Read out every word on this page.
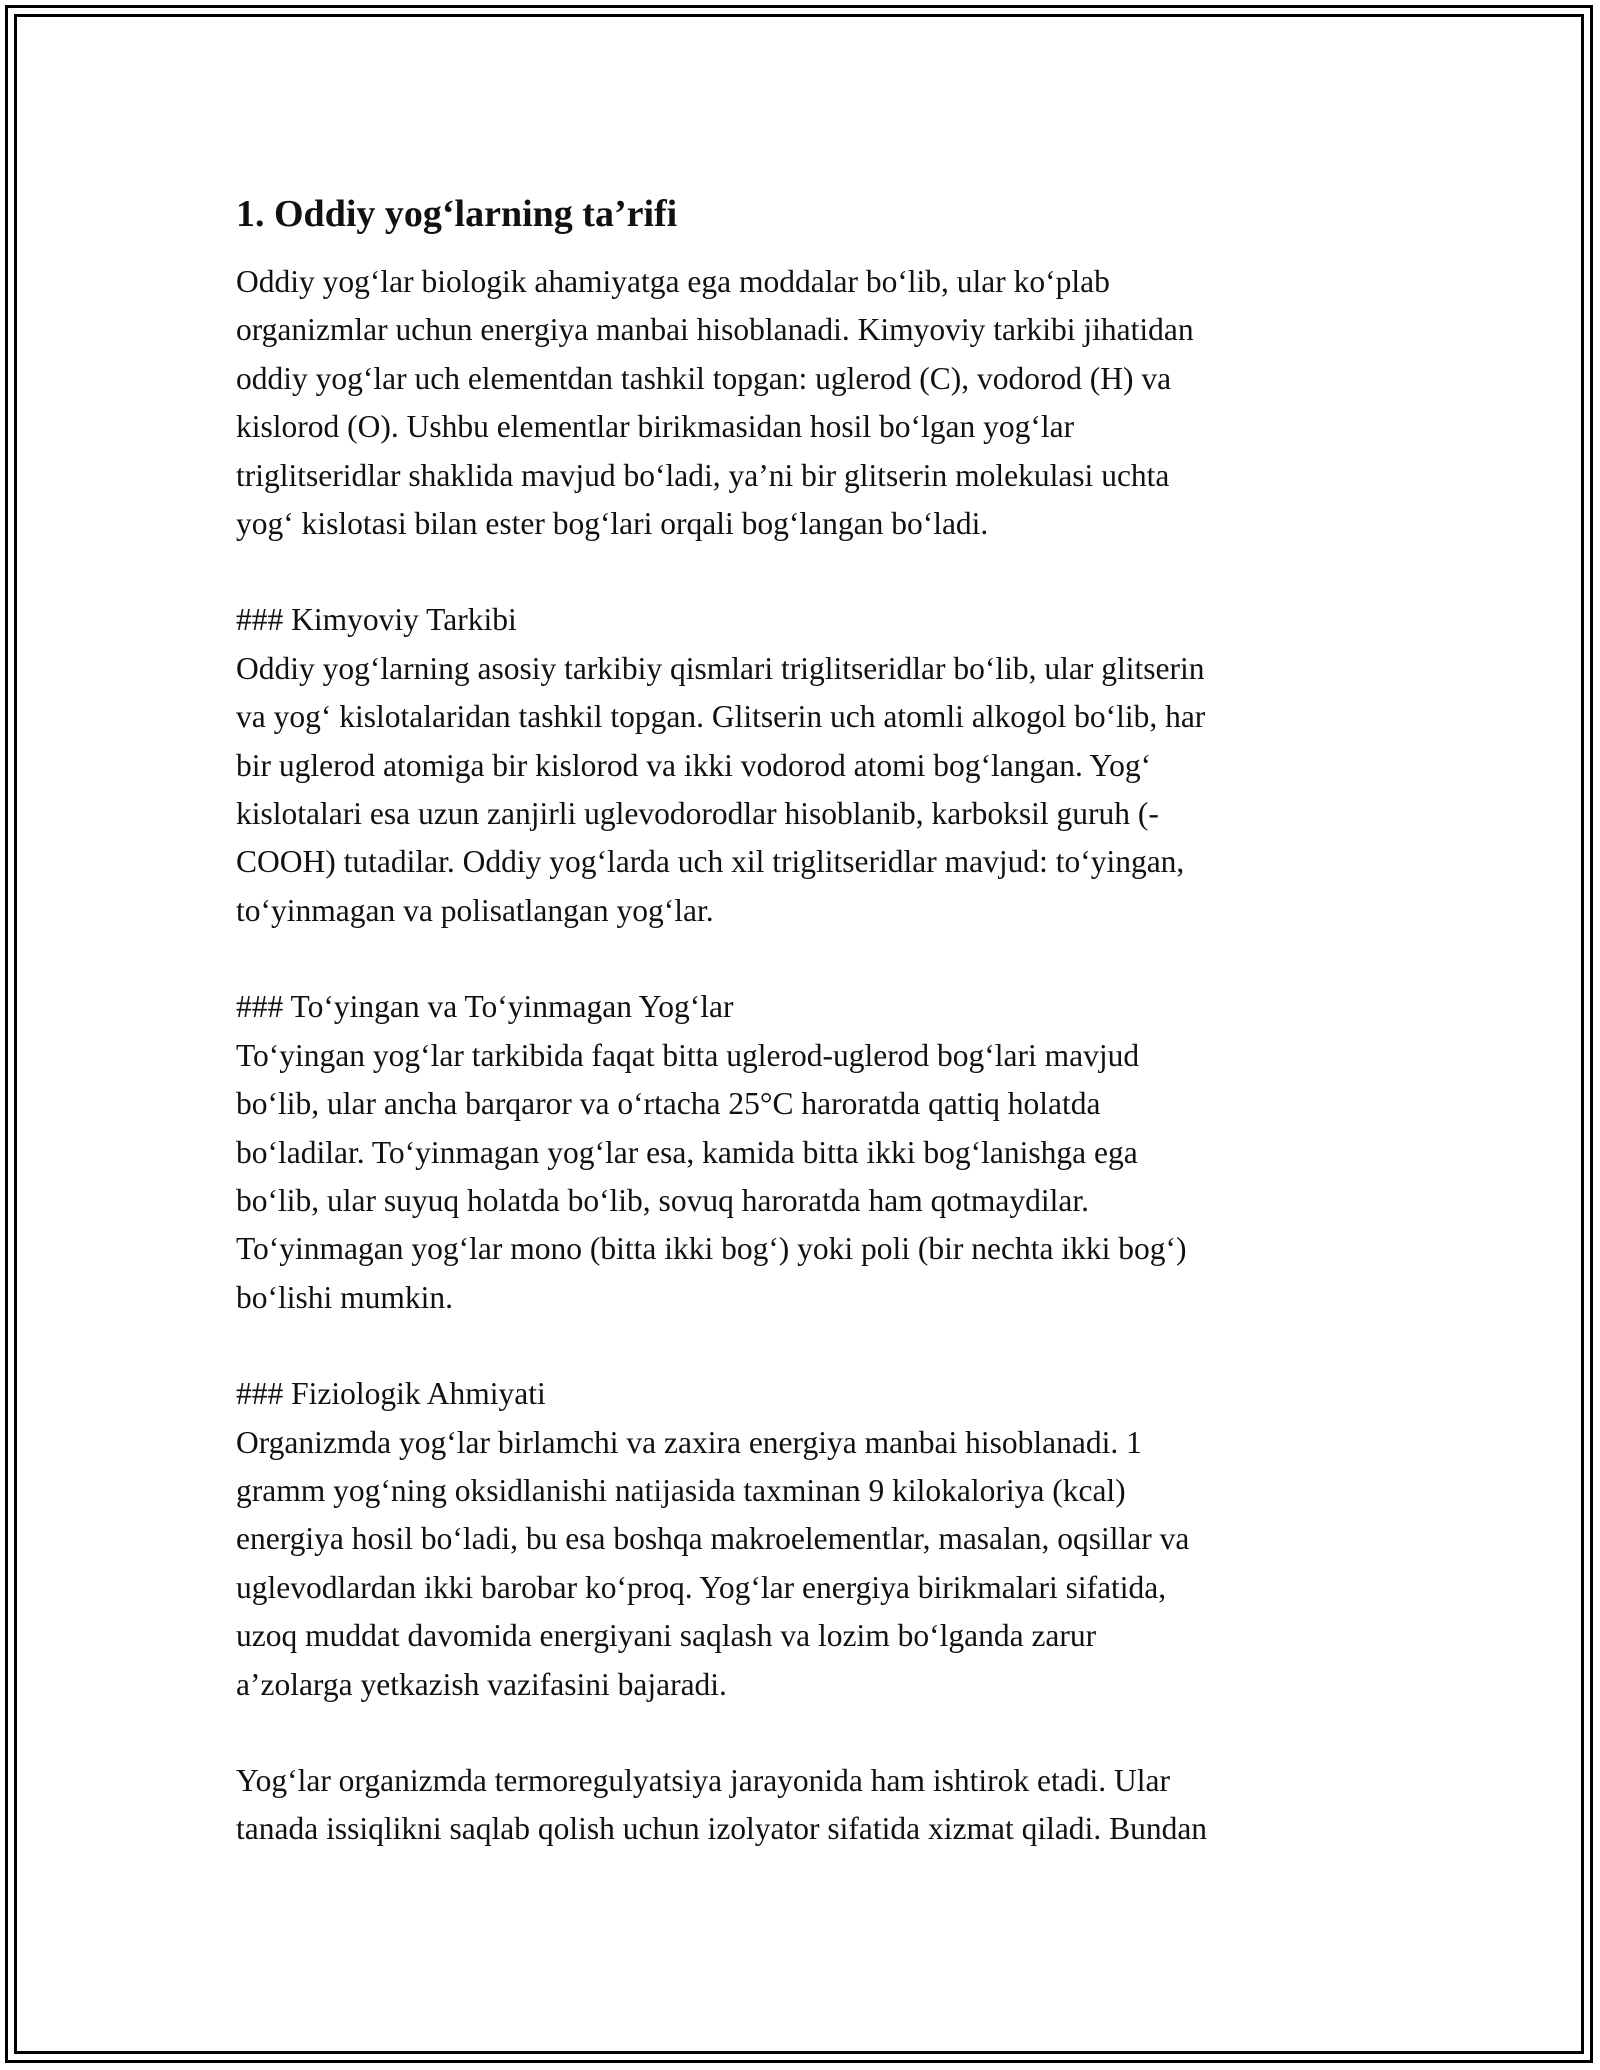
1. Oddiy yog‘larning ta’rifi

Oddiy yog‘lar biologik ahamiyatga ega moddalar bo‘lib, ular ko‘plab

organizmlar uchun energiya manbai hisoblanadi. Kimyoviy tarkibi jihatidan

oddiy yog‘lar uch elementdan tashkil topgan: uglerod (C), vodorod (H) va

kislorod (O). Ushbu elementlar birikmasidan hosil bo‘lgan yog‘lar

triglitseridlar shaklida mavjud bo‘ladi, ya’ni bir glitserin molekulasi uchta

yog‘ kislotasi bilan ester bog‘lari orqali bog‘langan bo‘ladi.

### Kimyoviy Tarkibi

Oddiy yog‘larning asosiy tarkibiy qismlari triglitseridlar bo‘lib, ular glitserin

va yog‘ kislotalaridan tashkil topgan. Glitserin uch atomli alkogol bo‘lib, har

bir uglerod atomiga bir kislorod va ikki vodorod atomi bog‘langan. Yog‘

kislotalari esa uzun zanjirli uglevodorodlar hisoblanib, karboksil guruh (-

COOH) tutadilar. Oddiy yog‘larda uch xil triglitseridlar mavjud: to‘yingan,

to‘yinmagan va polisatlangan yog‘lar.

### To‘yingan va To‘yinmagan Yog‘lar

To‘yingan yog‘lar tarkibida faqat bitta uglerod-uglerod bog‘lari mavjud

bo‘lib, ular ancha barqaror va o‘rtacha 25°C haroratda qattiq holatda

bo‘ladilar. To‘yinmagan yog‘lar esa, kamida bitta ikki bog‘lanishga ega

bo‘lib, ular suyuq holatda bo‘lib, sovuq haroratda ham qotmaydilar.

To‘yinmagan yog‘lar mono (bitta ikki bog‘) yoki poli (bir nechta ikki bog‘)

bo‘lishi mumkin.

### Fiziologik Ahmiyati

Organizmda yog‘lar birlamchi va zaxira energiya manbai hisoblanadi. 1

gramm yog‘ning oksidlanishi natijasida taxminan 9 kilokaloriya (kcal)

energiya hosil bo‘ladi, bu esa boshqa makroelementlar, masalan, oqsillar va

uglevodlardan ikki barobar ko‘proq. Yog‘lar energiya birikmalari sifatida,

uzoq muddat davomida energiyani saqlash va lozim bo‘lganda zarur

a’zolarga yetkazish vazifasini bajaradi.

Yog‘lar organizmda termoregulyatsiya jarayonida ham ishtirok etadi. Ular

tanada issiqlikni saqlab qolish uchun izolyator sifatida xizmat qiladi. Bundan
